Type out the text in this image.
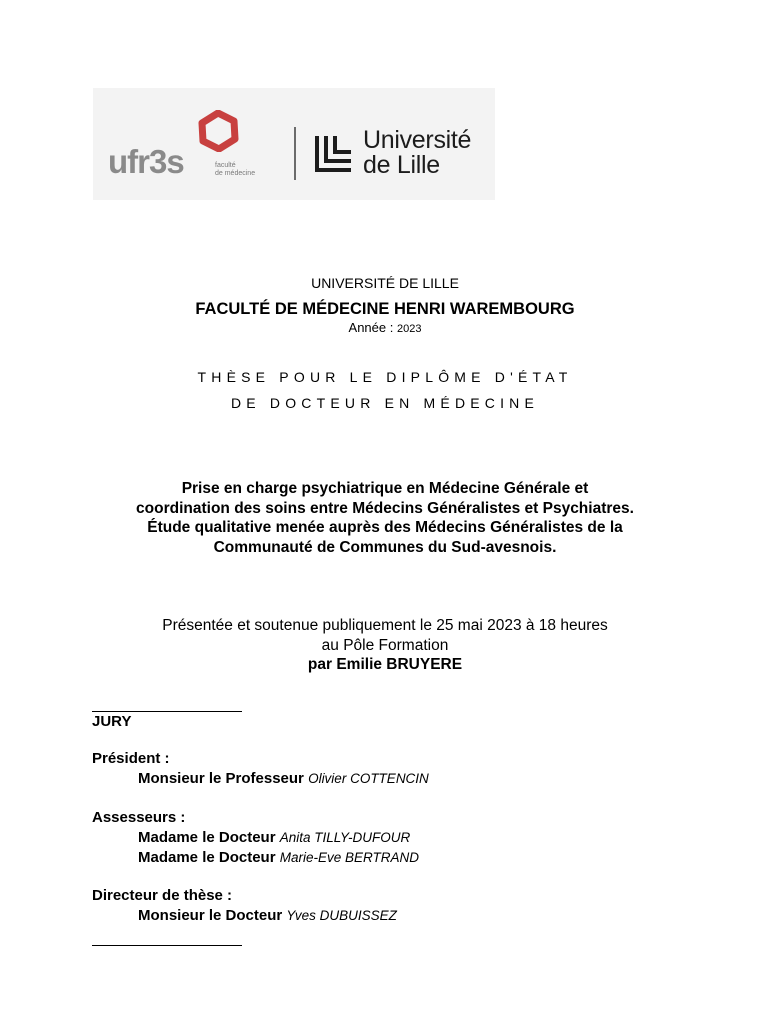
ufr3s	faculté
de médecine
Université
de Lille
UNIVERSITÉ DE LILLE
FACULTÉ DE MÉDECINE HENRI WAREMBOURG
Année : 2023
THÈSE POUR LE DIPLÔME D'ÉTAT
DE DOCTEUR EN MÉDECINE
Prise en charge psychiatrique en Médecine Générale et
coordination des soins entre Médecins Généralistes et Psychiatres.
Étude qualitative menée auprès des Médecins Généralistes de la
Communauté de Communes du Sud-avesnois.
Présentée et soutenue publiquement le 25 mai 2023 à 18 heures
au Pôle Formation
par Emilie BRUYERE
JURY
Président :
Monsieur le Professeur Olivier COTTENCIN
Assesseurs :
Madame le Docteur Anita TILLY-DUFOUR
Madame le Docteur Marie-Eve BERTRAND
Directeur de thèse :
Monsieur le Docteur Yves DUBUISSEZ
